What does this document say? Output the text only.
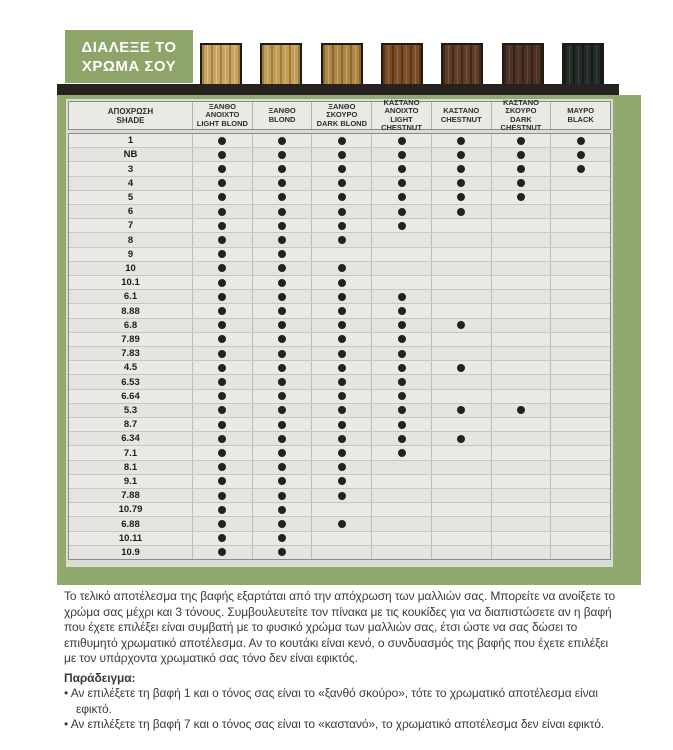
ΔΙΑΛΕΞΕ ΤΟ
ΧΡΩΜΑ ΣΟΥ
ΑΠΟΧΡΩΣΗ
SHADE
ΞΑΝΘΟ ΑΝΟΙΧΤΟ
LIGHT BLOND
ΞΑΝΘΟ
BLOND
ΞΑΝΘΟ ΣΚΟΥΡΟ
DARK BLOND
ΚΑΣΤΑΝΟ ΑΝΟΙΧΤΟ
LIGHT CHESTNUT
ΚΑΣΤΑΝΟ
CHESTNUT
ΚΑΣΤΑΝΟ ΣΚΟΥΡΟ
DARK CHESTNUT
ΜΑΥΡΟ
BLACK
1
NB
3
4
5
6
7
8
9
10
10.1
6.1
8.88
6.8
7.89
7.83
4.5
6.53
6.64
5.3
8.7
6.34
7.1
8.1
9.1
7.88
10.79
6.88
10.11
10.9

Το τελικό αποτέλεσμα της βαφής εξαρτάται από την απόχρωση των μαλλιών σας. Μπορείτε να ανοίξετε το χρώμα σας μέχρι και 3 τόνους. Συμβουλευτείτε τον πίνακα με τις κουκίδες για να διαπιστώσετε αν η βαφή που έχετε επιλέξει είναι συμβατή με το φυσικό χρώμα των μαλλιών σας, έτσι ώστε να σας δώσει το επιθυμητό χρωματικό αποτέλεσμα. Αν το κουτάκι είναι κενό, ο συνδυασμός της βαφής που έχετε επιλέξει με τον υπάρχοντα χρωματικό σας τόνο δεν είναι εφικτός.

Παράδειγμα:

• Αν επιλέξετε τη βαφή 1 και ο τόνος σας είναι το «ξανθό σκούρο», τότε το χρωματικό αποτέλεσμα είναι εφικτό.
• Αν επιλέξετε τη βαφή 7 και ο τόνος σας είναι το «καστανό», το χρωματικό αποτέλεσμα δεν είναι εφικτό.
